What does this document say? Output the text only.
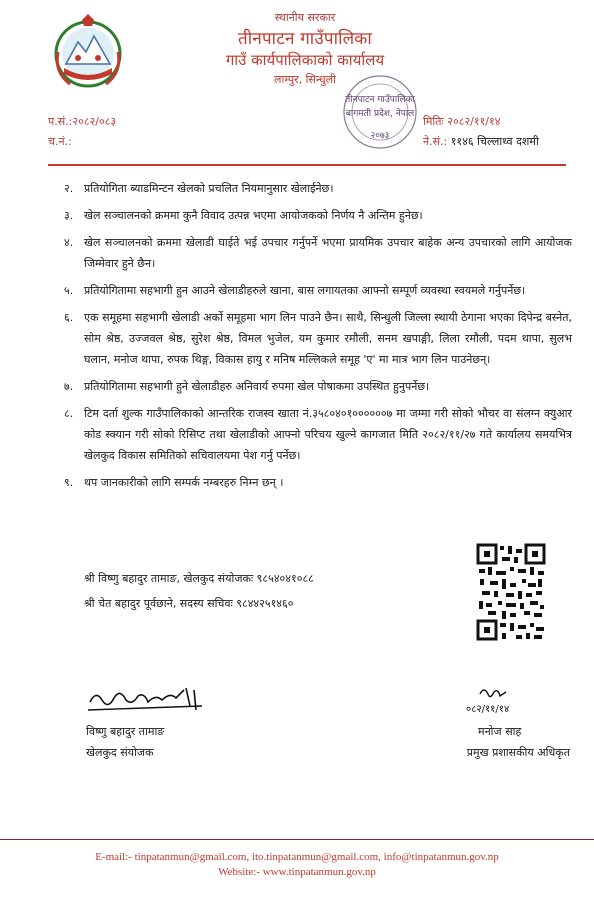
स्थानीय सरकार

तीनपाटन गाउँपालिका

गाउँ कार्यपालिकाको कार्यालय

लाम्पुर, सिन्धुली

तीनपाटन गाउँपालिका
बागमती प्रदेश, नेपाल
२०७३
प.सं.:२०८२/०८३
च.नं.:
मितिः २०८२/११/१४
ने.सं.: ११४६ चिल्लाथ्व दशमी
२. प्रतियोगिता ब्याडमिन्टन खेलको प्रचलित नियमानुसार खेलाईनेछ।
३. खेल सञ्चालनको क्रममा कुनै विवाद उत्पन्न भएमा आयोजकको निर्णय नै अन्तिम हुनेछ।
४. खेल सञ्चालनको क्रममा खेलाडी घाईते भई उपचार गर्नुपर्ने भएमा प्रायमिक उपचार बाहेक अन्य उपचारको लागि आयोजक जिम्मेवार हुने छैन।
५. प्रतियोगितामा सहभागी हुन आउने खेलाडीहरुले खाना, बास लगायतका आफ्नो सम्पूर्ण व्यवस्था स्वयमले गर्नुपर्नेछ।
६. एक समूहमा सहभागी खेलाडी अर्को समूहमा भाग लिन पाउने छैन। साथै, सिन्धुली जिल्ला स्थायी ठेगाना भएका दिपेन्द्र बस्नेत, सोम श्रेष्ठ, उज्जवल श्रेष्ठ, सुरेश श्रेष्ठ, विमल भुजेल, यम कुमार रमौली, सनम खपाङ्गी, लिला रमौली, पदम थापा, सुलभ घलान, मनोज थापा, रुपक थिङ्ग, विकास हायु र मनिष मल्लिकले समूह 'ए' मा मात्र भाग लिन पाउनेछन्।
७. प्रतियोगितामा सहभागी हुने खेलाडीहरु अनिवार्य रुपमा खेल पोषाकमा उपस्थित हुनुपर्नेछ।
८. टिम दर्ता शुल्क गाउँपालिकाको आन्तरिक राजस्व खाता नं.३५८०४०१००००००७ मा जम्मा गरी सोको भौचर वा संलग्न क्युआर कोड स्क्यान गरी सोको रिसिप्ट तथा खेलाडीको आफ्नो परिचय खुल्ने कागजात मिति २०८२/११/२७ गते कार्यालय समयभित्र खेलकुद विकास समितिको सचिवालयमा पेश गर्नु पर्नेछ।
९. थप जानकारीको लागि सम्पर्क नम्बरहरु निम्न छन् ।
श्री विष्णु बहादुर तामाङ, खेलकुद संयोजकः ९८५४०४१०८८
श्री चेत बहादुर पूर्वछाने, सदस्य सचिवः ९८४४२५१४६०
विष्णु बहादुर तामाङ
खेलकुद संयोजक
०८२/११/१४
मनोज साह
प्रमुख प्रशासकीय अधिकृत
E-mail:- tinpatanmun@gmail.com, ito.tinpatanmun@gmail.com, info@tinpatanmun.gov.np
Website:- www.tinpatanmun.gov.np
